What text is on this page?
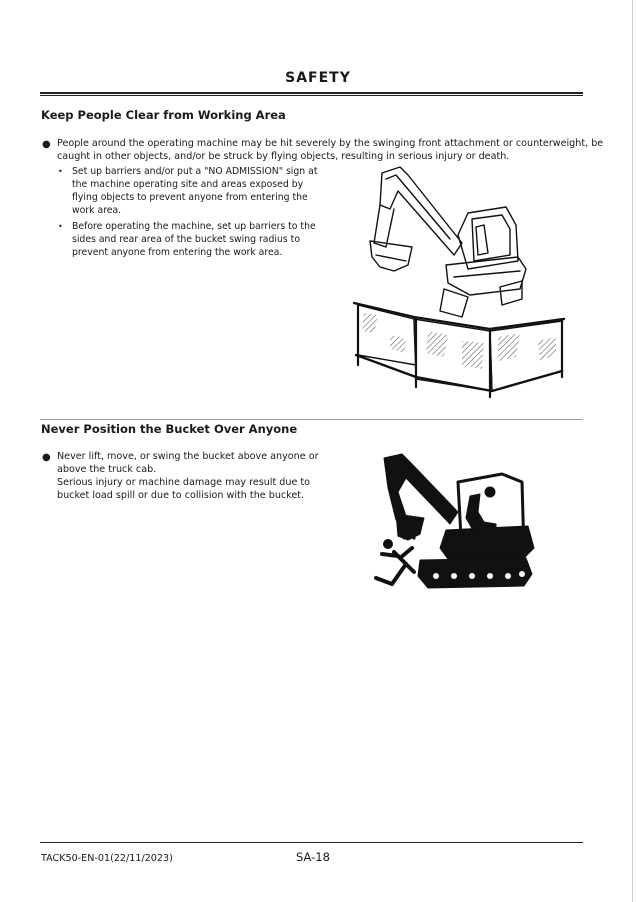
SAFETY
Keep People Clear from Working Area
● People around the operating machine may be hit severely by the swinging front attachment or counterweight, be
caught in other objects, and/or be struck by flying objects, resulting in serious injury or death.
• Set up barriers and/or put a "NO ADMISSION" sign at
the machine operating site and areas exposed by
flying objects to prevent anyone from entering the
work area.
• Before operating the machine, set up barriers to the
sides and rear area of the bucket swing radius to
prevent anyone from entering the work area.
Never Position the Bucket Over Anyone
● Never lift, move, or swing the bucket above anyone or
above the truck cab.
Serious injury or machine damage may result due to
bucket load spill or due to collision with the bucket.
TACK50-EN-01(22/11/2023)	SA-18
